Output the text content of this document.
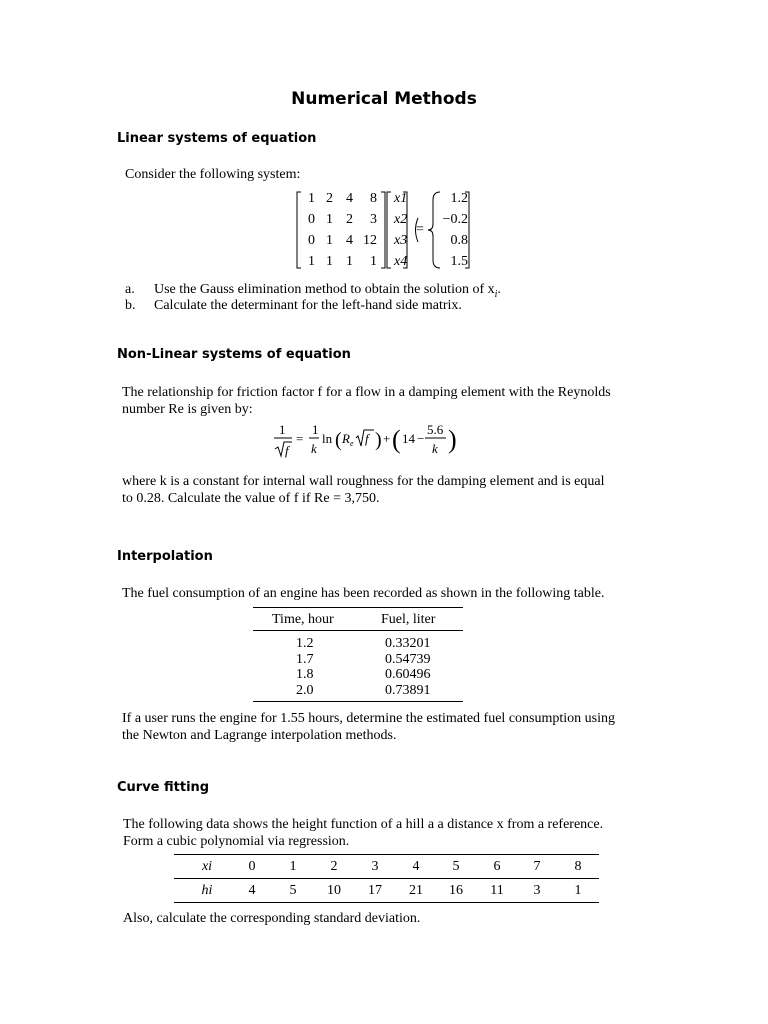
Numerical Methods
Linear systems of equation
Consider the following system:
1 2 4	8 x1	1.2
0 1 2	3 x2	−0.2
0 1 4 12 x3	0.8
1 1 1	1 x4	1.5
=
a. Use the Gauss elimination method to obtain the solution of $x_i$.
b. Calculate the determinant for the left-hand side matrix.
Non-Linear systems of equation
The relationship for friction factor f for a flow in a damping element with the Reynolds number Re is given by:
1
f
=
1
k
ln ( R e f ) + ( 14 −
5.6
k )
where k is a constant for internal wall roughness for the damping element and is equal
to 0.28. Calculate the value of f if Re = 3,750.
Interpolation
The fuel consumption of an engine has been recorded as shown in the following table.
Time, hour	Fuel, liter
1.2	0.33201
1.7	0.54739
1.8	0.60496
2.0	0.73891
If a user runs the engine for 1.55 hours, determine the estimated fuel consumption using
the Newton and Lagrange interpolation methods.
Curve fitting
The following data shows the height function of a hill a a distance x from a reference.
Form a cubic polynomial via regression.
xi	0	1	2	3	4	5	6	7	8
hi	4	5	10	17	21	16	11	3	1
Also, calculate the corresponding standard deviation.
